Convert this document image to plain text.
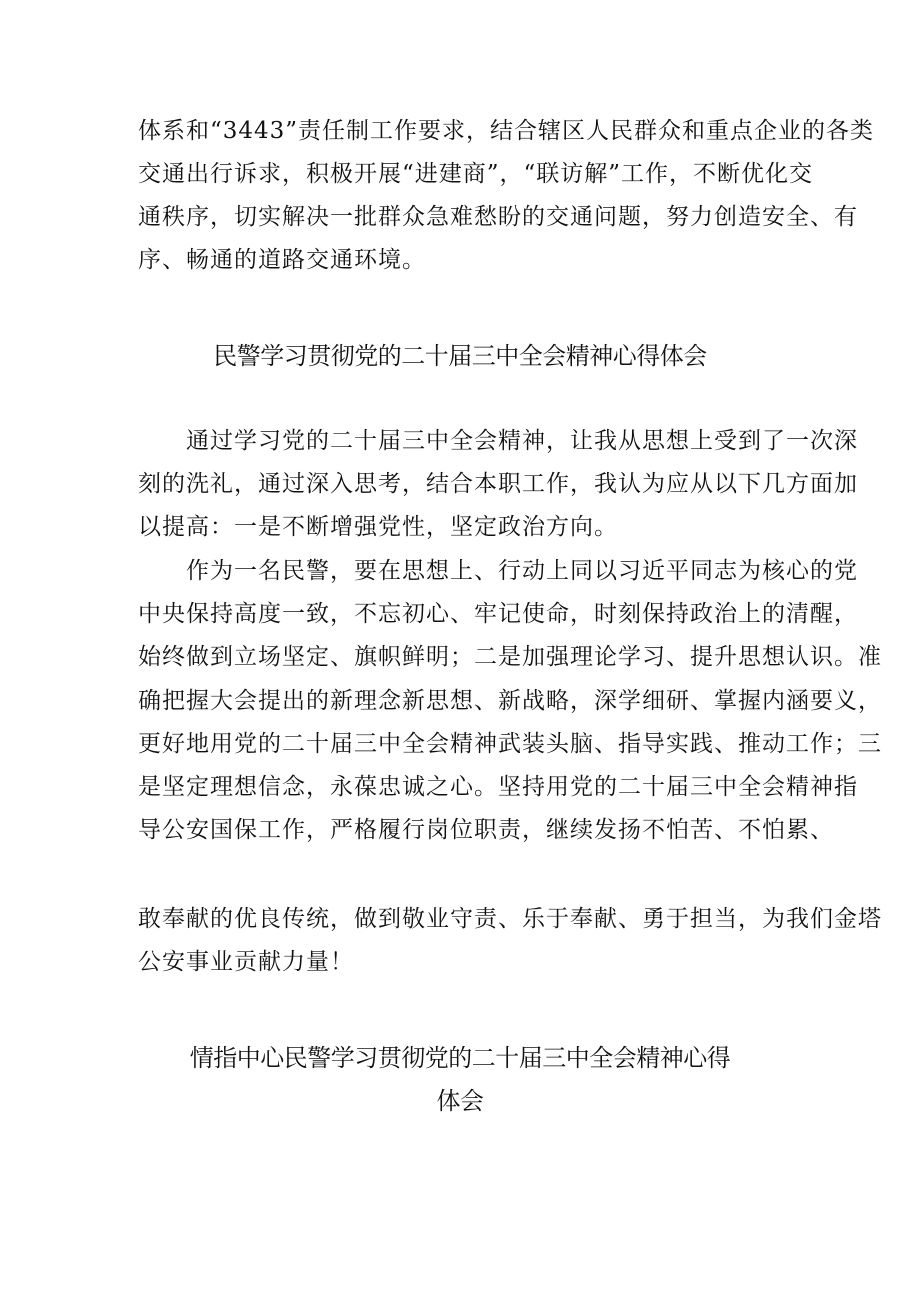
体系和“3443”责任制工作要求，结合辖区人民群众和重点企业的各类
交通出行诉求，积极开展“进建商”，“联访解”工作，不断优化交
通秩序，切实解决一批群众急难愁盼的交通问题，努力创造安全、有
序、畅通的道路交通环境。
民警学习贯彻党的二十届三中全会精神心得体会
通过学习党的二十届三中全会精神，让我从思想上受到了一次深
刻的洗礼，通过深入思考，结合本职工作，我认为应从以下几方面加
以提高：一是不断增强党性，坚定政治方向。
作为一名民警，要在思想上、行动上同以习近平同志为核心的党
中央保持高度一致，不忘初心、牢记使命，时刻保持政治上的清醒，
始终做到立场坚定、旗帜鲜明；二是加强理论学习、提升思想认识。准
确把握大会提出的新理念新思想、新战略，深学细研、掌握内涵要义，
更好地用党的二十届三中全会精神武装头脑、指导实践、推动工作；三
是坚定理想信念，永葆忠诚之心。坚持用党的二十届三中全会精神指
导公安国保工作，严格履行岗位职责，继续发扬不怕苦、不怕累、
敢奉献的优良传统，做到敬业守责、乐于奉献、勇于担当，为我们金塔
公安事业贡献力量！
情指中心民警学习贯彻党的二十届三中全会精神心得
体会
